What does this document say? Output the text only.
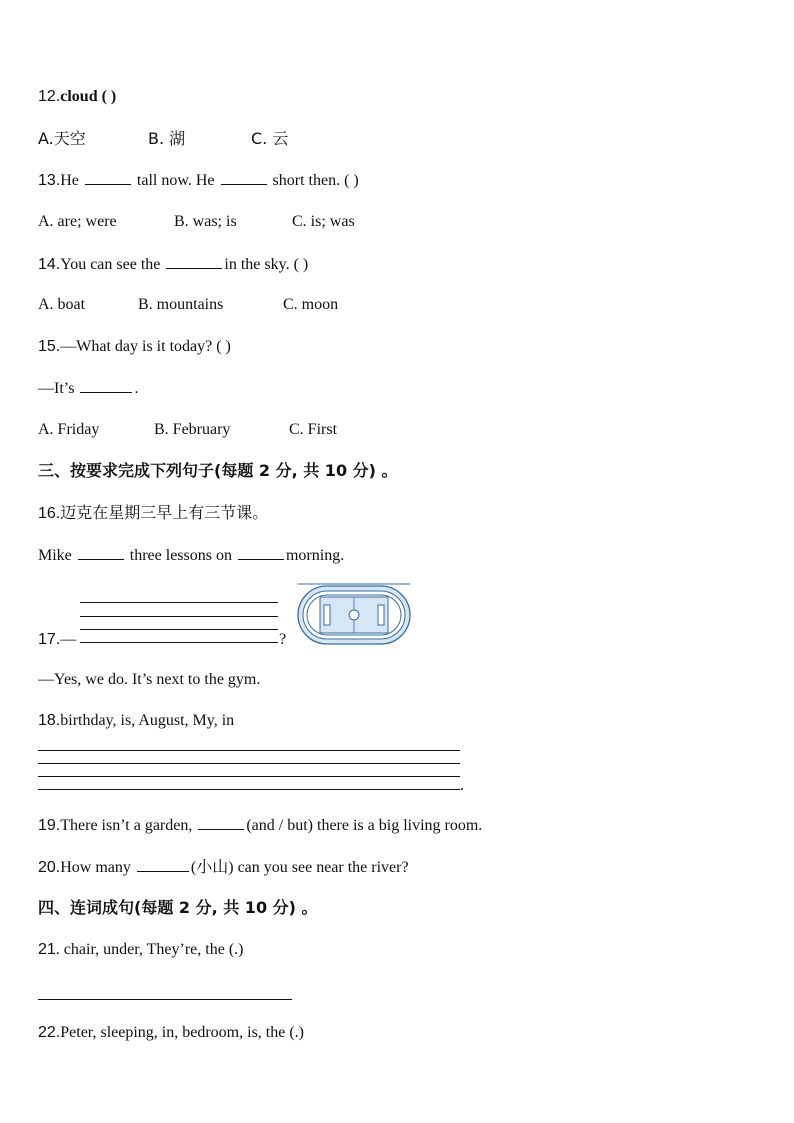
12.cloud ( )
A.天空	B. 湖	C. 云
13.He	tall now. He	short then. ( )
A. are; were	B. was; is	C. is; was
14.You can see the	in the sky. ( )
A. boat	B. mountains	C. moon
15.—What day is it today? ( )
—It’s	.
A. Friday	B. February	C. First
三、按要求完成下列句子(每题 2 分, 共 10 分) 。
16.迈克在星期三早上有三节课。
Mike	three lessons on	morning.
17.—	?
—Yes, we do. It’s next to the gym.
18.birthday, is, August, My, in
.
19.There isn’t a garden,	(and / but) there is a big living room.
20.How many	(小山) can you see near the river?
四、连词成句(每题 2 分, 共 10 分) 。
21. chair, under, They’re, the (.)
22.Peter, sleeping, in, bedroom, is, the (.)
